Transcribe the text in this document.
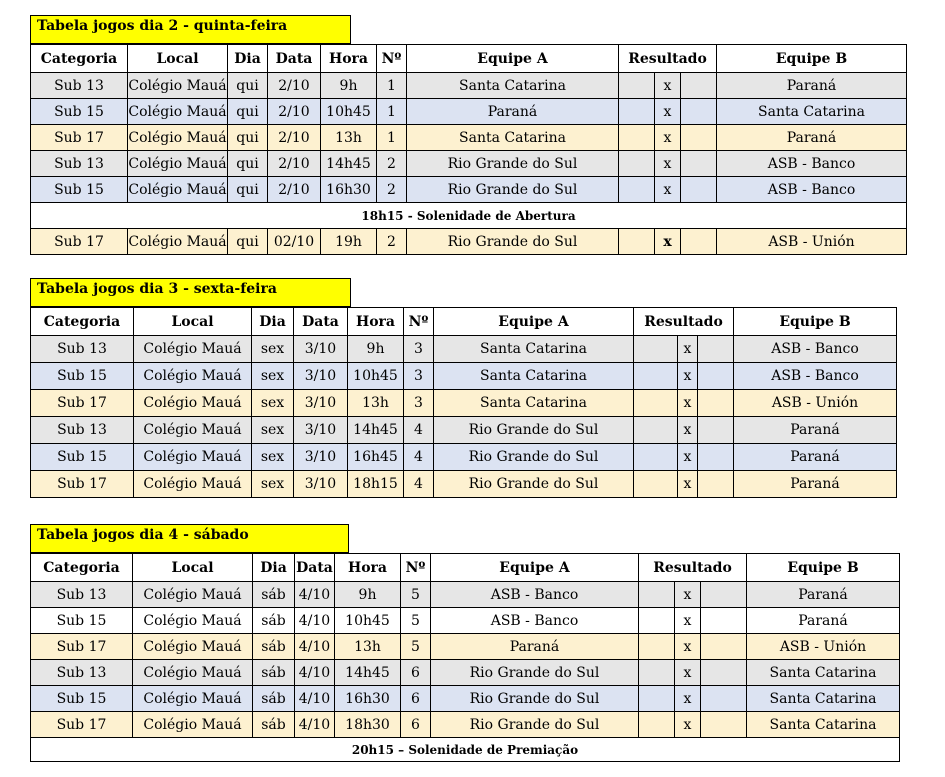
Tabela jogos dia 2 - quinta-feira
Categoria	Local	Dia	Data	Hora	Nº	Equipe A	Resultado			Equipe B
Sub 13	Colégio Mauá	qui	2/10	9h	1	Santa Catarina		x		Paraná
Sub 15	Colégio Mauá	qui	2/10	10h45	1	Paraná		x		Santa Catarina
Sub 17	Colégio Mauá	qui	2/10	13h	1	Santa Catarina		x		Paraná
Sub 13	Colégio Mauá	qui	2/10	14h45	2	Rio Grande do Sul		x		ASB - Banco
Sub 15	Colégio Mauá	qui	2/10	16h30	2	Rio Grande do Sul		x		ASB - Banco
18h15 - Solenidade de Abertura										
Sub 17	Colégio Mauá	qui	02/10	19h	2	Rio Grande do Sul		x		ASB - Unión
Tabela jogos dia 3 - sexta-feira
Categoria	Local	Dia	Data	Hora	Nº	Equipe A	Resultado			Equipe B
Sub 13	Colégio Mauá	sex	3/10	9h	3	Santa Catarina		x		ASB - Banco
Sub 15	Colégio Mauá	sex	3/10	10h45	3	Santa Catarina		x		ASB - Banco
Sub 17	Colégio Mauá	sex	3/10	13h	3	Santa Catarina		x		ASB - Unión
Sub 13	Colégio Mauá	sex	3/10	14h45	4	Rio Grande do Sul		x		Paraná
Sub 15	Colégio Mauá	sex	3/10	16h45	4	Rio Grande do Sul		x		Paraná
Sub 17	Colégio Mauá	sex	3/10	18h15	4	Rio Grande do Sul		x		Paraná
Tabela jogos dia 4 - sábado
Categoria	Local	Dia	Data	Hora	Nº	Equipe A	Resultado			Equipe B
Sub 13	Colégio Mauá	sáb	4/10	9h	5	ASB - Banco		x		Paraná
Sub 15	Colégio Mauá	sáb	4/10	10h45	5	ASB - Banco		x		Paraná
Sub 17	Colégio Mauá	sáb	4/10	13h	5	Paraná		x		ASB - Unión
Sub 13	Colégio Mauá	sáb	4/10	14h45	6	Rio Grande do Sul		x		Santa Catarina
Sub 15	Colégio Mauá	sáb	4/10	16h30	6	Rio Grande do Sul		x		Santa Catarina
Sub 17	Colégio Mauá	sáb	4/10	18h30	6	Rio Grande do Sul		x		Santa Catarina
20h15 – Solenidade de Premiação										
